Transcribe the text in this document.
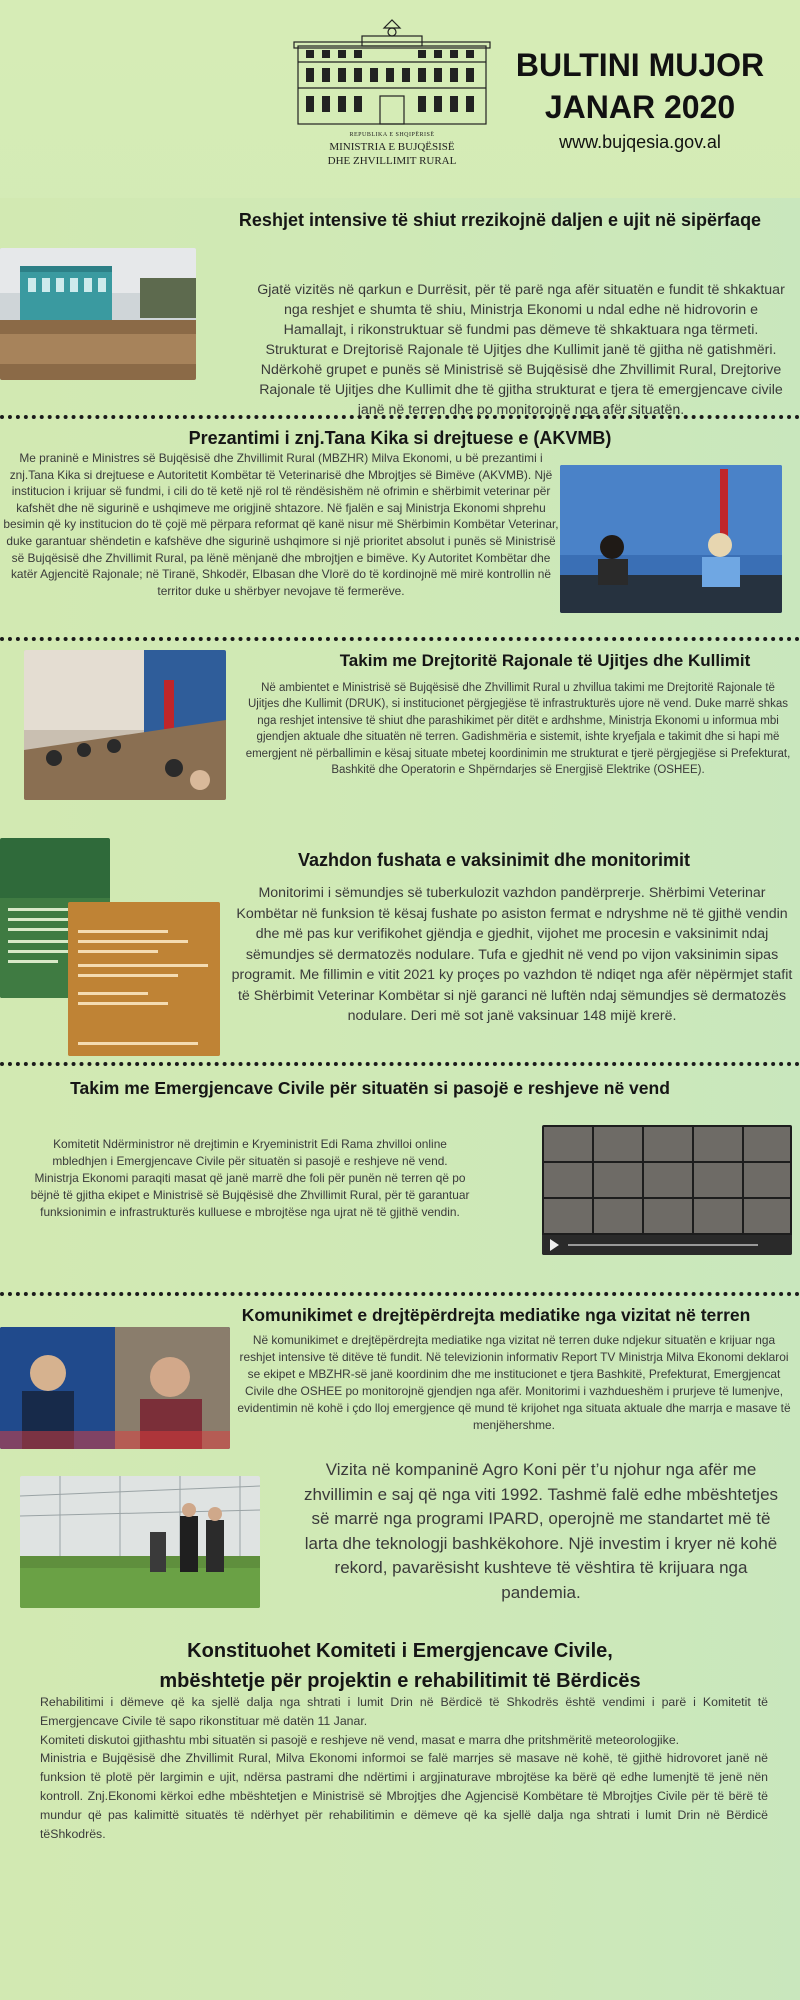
REPUBLIKA E SHQIPËRISË
MINISTRIA E BUJQËSISË
DHE ZHVILLIMIT RURAL
BULTINI MUJOR
JANAR 2020
www.bujqesia.gov.al
Reshjet intensive të shiut rrezikojnë daljen e ujit në sipërfaqe
Gjatë vizitës në qarkun e Durrësit, për të parë nga afër situatën e fundit të shkaktuar nga reshjet e shumta të shiu, Ministrja Ekonomi u ndal edhe në hidrovorin e Hamallajt, i rikonstruktuar së fundmi pas dëmeve të shkaktuara nga tërmeti. Strukturat e Drejtorisë Rajonale të Ujitjes dhe Kullimit janë të gjitha në gatishmëri. Ndërkohë grupet e punës së Ministrisë së Bujqësisë dhe Zhvillimit Rural, Drejtorive Rajonale të Ujitjes dhe Kullimit dhe të gjitha strukturat e tjera të emergjencave civile janë në terren dhe po monitorojnë nga afër situatën.
Prezantimi i znj.Tana Kika si drejtuese e (AKVMB)
Me praninë e Ministres së Bujqësisë dhe Zhvillimit Rural (MBZHR) Milva Ekonomi, u bë prezantimi i znj.Tana Kika si drejtuese e Autoritetit Kombëtar të Veterinarisë dhe Mbrojtjes së Bimëve (AKVMB). Një institucion i krijuar së fundmi, i cili do të ketë një rol të rëndësishëm në ofrimin e shërbimit veterinar për kafshët dhe në sigurinë e ushqimeve me origjinë shtazore. Në fjalën e saj Ministrja Ekonomi shprehu besimin që ky institucion do të çojë më përpara reformat që kanë nisur më Shërbimin Kombëtar Veterinar, duke garantuar shëndetin e kafshëve dhe sigurinë ushqimore si një prioritet absolut i punës së Ministrisë së Bujqësisë dhe Zhvillimit Rural, pa lënë mënjanë dhe mbrojtjen e bimëve. Ky Autoritet Kombëtar dhe katër Agjencitë Rajonale; në Tiranë, Shkodër, Elbasan dhe Vlorë do të kordinojnë më mirë kontrollin në territor duke u shërbyer nevojave të fermerëve.
Takim me Drejtoritë Rajonale të Ujitjes dhe Kullimit
Në ambientet e Ministrisë së Bujqësisë dhe Zhvillimit Rural u zhvillua takimi me Drejtoritë Rajonale të Ujitjes dhe Kullimit (DRUK), si institucionet përgjegjëse të infrastrukturës ujore në vend. Duke marrë shkas nga reshjet intensive të shiut dhe parashikimet për ditët e ardhshme, Ministrja Ekonomi u informua mbi gjendjen aktuale dhe situatën në terren. Gadishmëria e sistemit, ishte kryefjala e takimit dhe si hapi më emergjent në përballimin e kësaj situate mbetej koordinimin me strukturat e tjerë përgjegjëse si Prefekturat, Bashkitë dhe Operatorin e Shpërndarjes së Energjisë Elektrike (OSHEE).
Vazhdon fushata e vaksinimit dhe monitorimit
Monitorimi i sëmundjes së tuberkulozit vazhdon pandërprerje. Shërbimi Veterinar Kombëtar në funksion të kësaj fushate po asiston fermat e ndryshme në të gjithë vendin dhe më pas kur verifikohet gjëndja e gjedhit, vijohet me procesin e vaksinimit ndaj sëmundjes së dermatozës nodulare. Tufa e gjedhit në vend po vijon vaksinimin sipas programit. Me fillimin e vitit 2021 ky proçes po vazhdon të ndiqet nga afër nëpërmjet stafit të Shërbimit Veterinar Kombëtar si një garanci në luftën ndaj sëmundjes së dermatozës nodulare. Deri më sot janë vaksinuar 148 mijë krerë.
Takim me Emergjencave Civile për situatën si pasojë e reshjeve në vend
Komitetit Ndërministror në drejtimin e Kryeministrit Edi Rama zhvilloi online mbledhjen i Emergjencave Civile për situatën si pasojë e reshjeve në vend. Ministrja Ekonomi paraqiti masat që janë marrë dhe foli për punën në terren që po bëjnë të gjitha ekipet e Ministrisë së Bujqësisë dhe Zhvillimit Rural, për të garantuar funksionimin e infrastrukturës kulluese e mbrojtëse nga ujrat në të gjithë vendin.
Komunikimet e drejtëpërdrejta mediatike nga vizitat në terren
Në komunikimet e drejtëpërdrejta mediatike nga vizitat në terren duke ndjekur situatën e krijuar nga reshjet intensive të ditëve të fundit. Në televizionin informativ Report TV Ministrja Milva Ekonomi deklaroi se ekipet e MBZHR-së janë koordinim dhe me institucionet e tjera Bashkitë, Prefekturat, Emergjencat Civile dhe OSHEE po monitorojnë gjendjen nga afër. Monitorimi i vazhdueshëm i prurjeve të lumenjve, evidentimin në kohë i çdo lloj emergjence që mund të krijohet nga situata aktuale dhe marrja e masave të menjëhershme.
Vizita në kompaninë Agro Koni për t’u njohur nga afër me zhvillimin e saj që nga viti 1992. Tashmë falë edhe mbështetjes së marrë nga programi IPARD, operojnë me standartet më të larta dhe teknologji bashkëkohore. Një investim i kryer në kohë rekord, pavarësisht kushteve të vështira të krijuara nga pandemia.
Konstituohet Komiteti i Emergjencave Civile,
mbështetje për projektin e rehabilitimit të Bërdicës
Rehabilitimi i dëmeve që ka sjellë dalja nga shtrati i lumit Drin në Bërdicë të Shkodrës është vendimi i parë i Komitetit të Emergjencave Civile të sapo rikonstituar më datën 11 Janar.
Komiteti diskutoi gjithashtu mbi situatën si pasojë e reshjeve në vend, masat e marra dhe pritshmëritë meteorologjike.
Ministria e Bujqësisë dhe Zhvillimit Rural, Milva Ekonomi informoi se falë marrjes së masave në kohë, të gjithë hidrovoret janë në funksion të plotë për largimin e ujit, ndërsa pastrami dhe ndërtimi i argjinaturave mbrojtëse ka bërë që edhe lumenjtë të jenë nën kontroll. Znj.Ekonomi kërkoi edhe mbështetjen e Ministrisë së Mbrojtjes dhe Agjencisë Kombëtare të Mbrojtjes Civile për të bërë të mundur që pas kalimittë situatës të ndërhyet për rehabilitimin e dëmeve që ka sjellë dalja nga shtrati i lumit Drin në Bërdicë tëShkodrës.
